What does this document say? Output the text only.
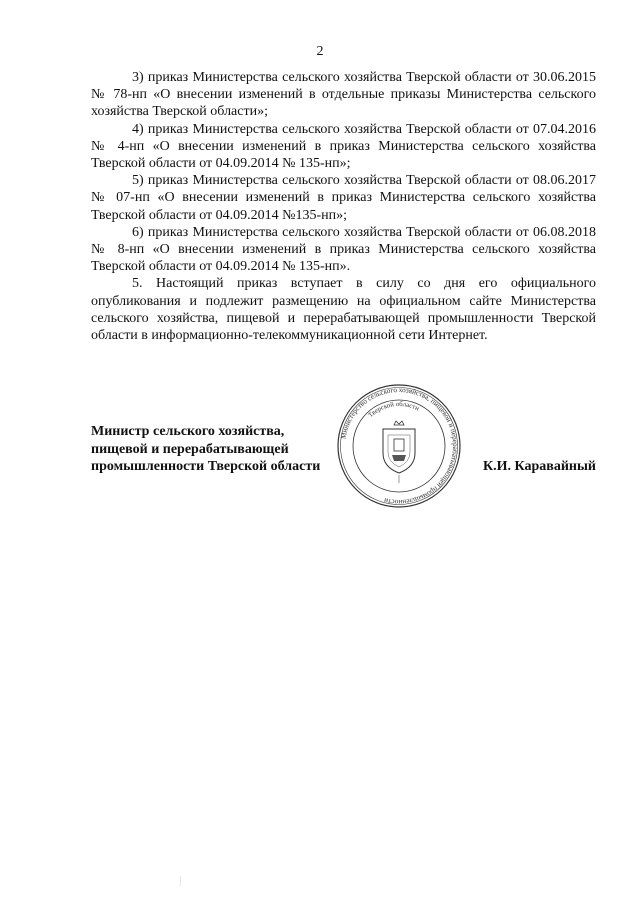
2

3) приказ Министерства сельского хозяйства Тверской области от 30.06.2015 № 78-нп «О внесении изменений в отдельные приказы Министерства сельского хозяйства Тверской области»;

4) приказ Министерства сельского хозяйства Тверской области от 07.04.2016 № 4-нп «О внесении изменений в приказ Министерства сельского хозяйства Тверской области от 04.09.2014 № 135-нп»;

5) приказ Министерства сельского хозяйства Тверской области от 08.06.2017 № 07-нп «О внесении изменений в приказ Министерства сельского хозяйства Тверской области от 04.09.2014 №135-нп»;

6) приказ Министерства сельского хозяйства Тверской области от 06.08.2018 № 8-нп «О внесении изменений в приказ Министерства сельского хозяйства Тверской области от 04.09.2014 № 135-нп».

5. Настоящий приказ вступает в силу со дня его официального опубликования и подлежит размещению на официальном сайте Министерства сельского хозяйства, пищевой и перерабатывающей промышленности Тверской области в информационно-телекоммуникационной сети Интернет.

Министр сельского хозяйства,
пищевой и перерабатывающей
промышленности Тверской области
Министерство сельского хозяйства, пищевой и перерабатывающей промышленности
Тверской области
К.И. Каравайный
